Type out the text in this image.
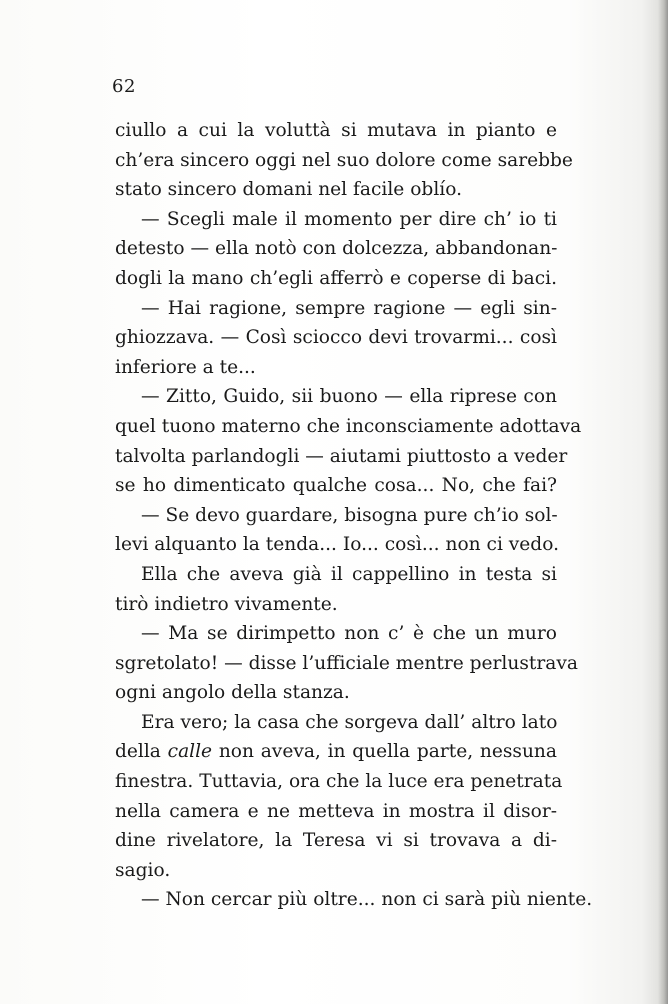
62
ciullo a cui la voluttà si mutava in pianto e
ch’era sincero oggi nel suo dolore come sarebbe
stato sincero domani nel facile oblío.
— Scegli male il momento per dire ch’ io ti
detesto — ella notò con dolcezza, abbandonan-
dogli la mano ch’egli afferrò e coperse di baci.
— Hai ragione, sempre ragione — egli sin-
ghiozzava. — Così sciocco devi trovarmi... così
inferiore a te...
— Zitto, Guido, sii buono — ella riprese con
quel tuono materno che inconsciamente adottava
talvolta parlandogli — aiutami piuttosto a veder
se ho dimenticato qualche cosa... No, che fai?
— Se devo guardare, bisogna pure ch’io sol-
levi alquanto la tenda... Io... così... non ci vedo.
Ella che aveva già il cappellino in testa si
tirò indietro vivamente.
— Ma se dirimpetto non c’ è che un muro
sgretolato! — disse l’ufficiale mentre perlustrava
ogni angolo della stanza.
Era vero; la casa che sorgeva dall’ altro lato
della calle non aveva, in quella parte, nessuna
finestra. Tuttavia, ora che la luce era penetrata
nella camera e ne metteva in mostra il disor-
dine rivelatore, la Teresa vi si trovava a di-
sagio.
— Non cercar più oltre... non ci sarà più niente.
